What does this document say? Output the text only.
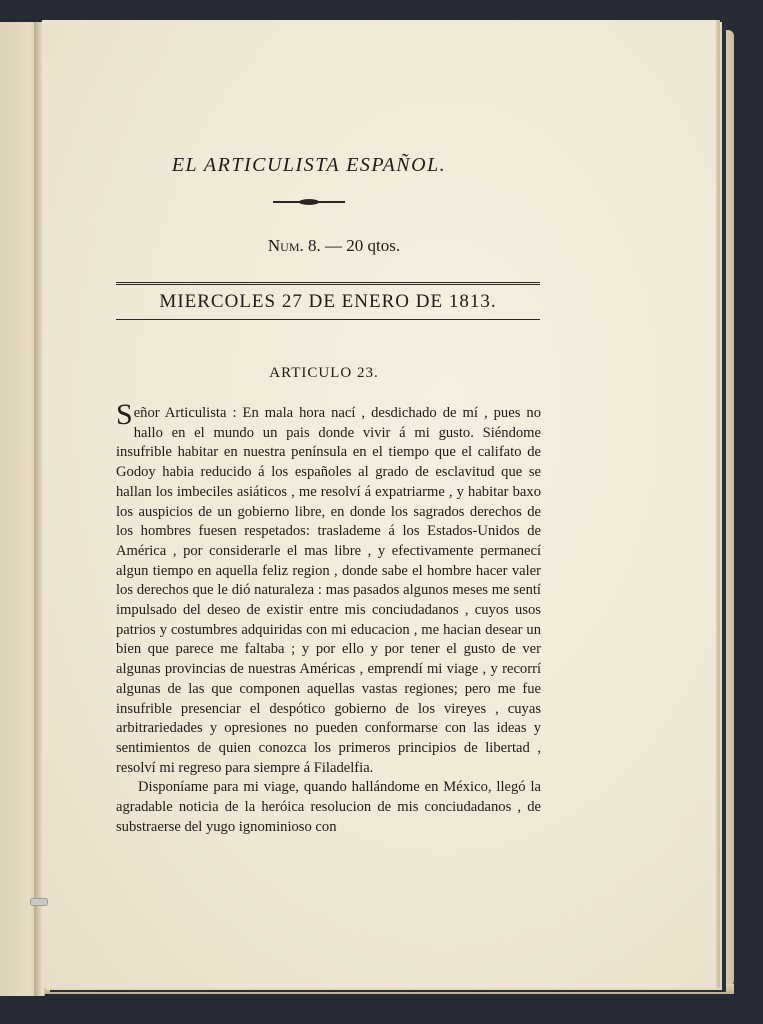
EL ARTICULISTA ESPAÑOL.
Num. 8. — 20 qtos.
MIERCOLES 27 DE ENERO DE 1813.
ARTICULO 23.

Señor Articulista : En mala hora nací , desdichado de mí , pues no hallo en el mundo un pais donde vivir á mi gusto. Siéndome insufrible habitar en nuestra península en el tiempo que el califato de Godoy habia reducido á los españoles al grado de esclavitud que se hallan los imbeciles asiáticos , me resolví á expatriarme , y habitar baxo los auspicios de un gobierno libre, en donde los sagrados derechos de los hombres fuesen respetados: traslademe á los Estados-Unidos de América , por considerarle el mas libre , y efectivamente permanecí algun tiempo en aquella feliz region , donde sabe el hombre hacer valer los derechos que le dió naturaleza : mas pasados algunos meses me sentí impulsado del deseo de existir entre mis conciudadanos , cuyos usos patrios y costumbres adquiridas con mi educacion , me hacian desear un bien que parece me faltaba ; y por ello y por tener el gusto de ver algunas provincias de nuestras Américas , emprendí mi viage , y recorrí algunas de las que componen aquellas vastas regiones; pero me fue insufrible presenciar el despótico gobierno de los vireyes , cuyas arbitrariedades y opresiones no pueden conformarse con las ideas y sentimientos de quien conozca los primeros principios de libertad , resolví mi regreso para siempre á Filadelfia.

Disponíame para mi viage, quando hallándome en México, llegó la agradable noticia de la heróica resolucion de mis conciudadanos , de substraerse del yugo ignominioso con
